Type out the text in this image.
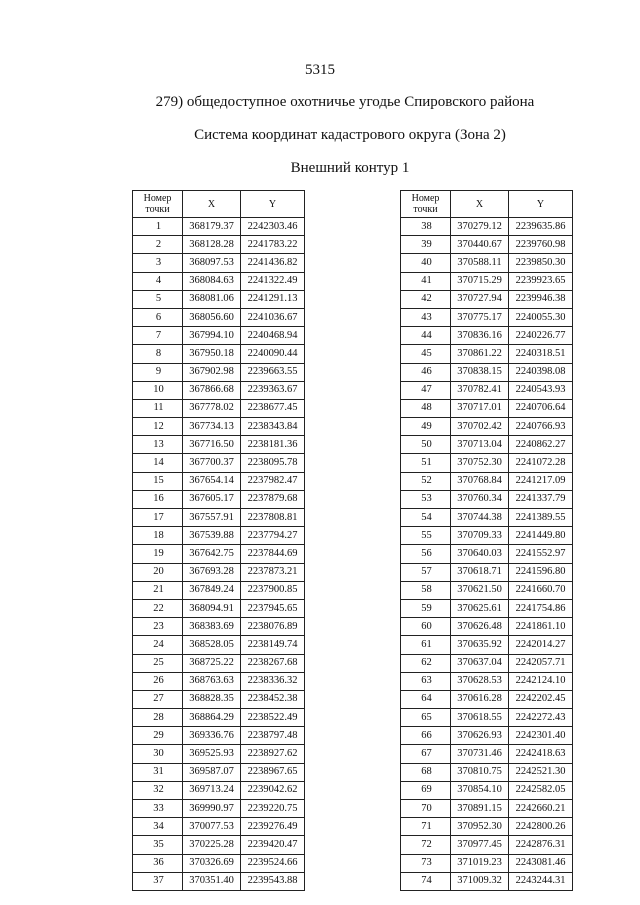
5315
279) общедоступное охотничье угодье Спировского района
Система координат кадастрового округа (Зона 2)
Внешний контур 1
Номер
точки	X	Y
1	368179.37	2242303.46
2	368128.28	2241783.22
3	368097.53	2241436.82
4	368084.63	2241322.49
5	368081.06	2241291.13
6	368056.60	2241036.67
7	367994.10	2240468.94
8	367950.18	2240090.44
9	367902.98	2239663.55
10	367866.68	2239363.67
11	367778.02	2238677.45
12	367734.13	2238343.84
13	367716.50	2238181.36
14	367700.37	2238095.78
15	367654.14	2237982.47
16	367605.17	2237879.68
17	367557.91	2237808.81
18	367539.88	2237794.27
19	367642.75	2237844.69
20	367693.28	2237873.21
21	367849.24	2237900.85
22	368094.91	2237945.65
23	368383.69	2238076.89
24	368528.05	2238149.74
25	368725.22	2238267.68
26	368763.63	2238336.32
27	368828.35	2238452.38
28	368864.29	2238522.49
29	369336.76	2238797.48
30	369525.93	2238927.62
31	369587.07	2238967.65
32	369713.24	2239042.62
33	369990.97	2239220.75
34	370077.53	2239276.49
35	370225.28	2239420.47
36	370326.69	2239524.66
37	370351.40	2239543.88
Номер
точки	X	Y
38	370279.12	2239635.86
39	370440.67	2239760.98
40	370588.11	2239850.30
41	370715.29	2239923.65
42	370727.94	2239946.38
43	370775.17	2240055.30
44	370836.16	2240226.77
45	370861.22	2240318.51
46	370838.15	2240398.08
47	370782.41	2240543.93
48	370717.01	2240706.64
49	370702.42	2240766.93
50	370713.04	2240862.27
51	370752.30	2241072.28
52	370768.84	2241217.09
53	370760.34	2241337.79
54	370744.38	2241389.55
55	370709.33	2241449.80
56	370640.03	2241552.97
57	370618.71	2241596.80
58	370621.50	2241660.70
59	370625.61	2241754.86
60	370626.48	2241861.10
61	370635.92	2242014.27
62	370637.04	2242057.71
63	370628.53	2242124.10
64	370616.28	2242202.45
65	370618.55	2242272.43
66	370626.93	2242301.40
67	370731.46	2242418.63
68	370810.75	2242521.30
69	370854.10	2242582.05
70	370891.15	2242660.21
71	370952.30	2242800.26
72	370977.45	2242876.31
73	371019.23	2243081.46
74	371009.32	2243244.31
